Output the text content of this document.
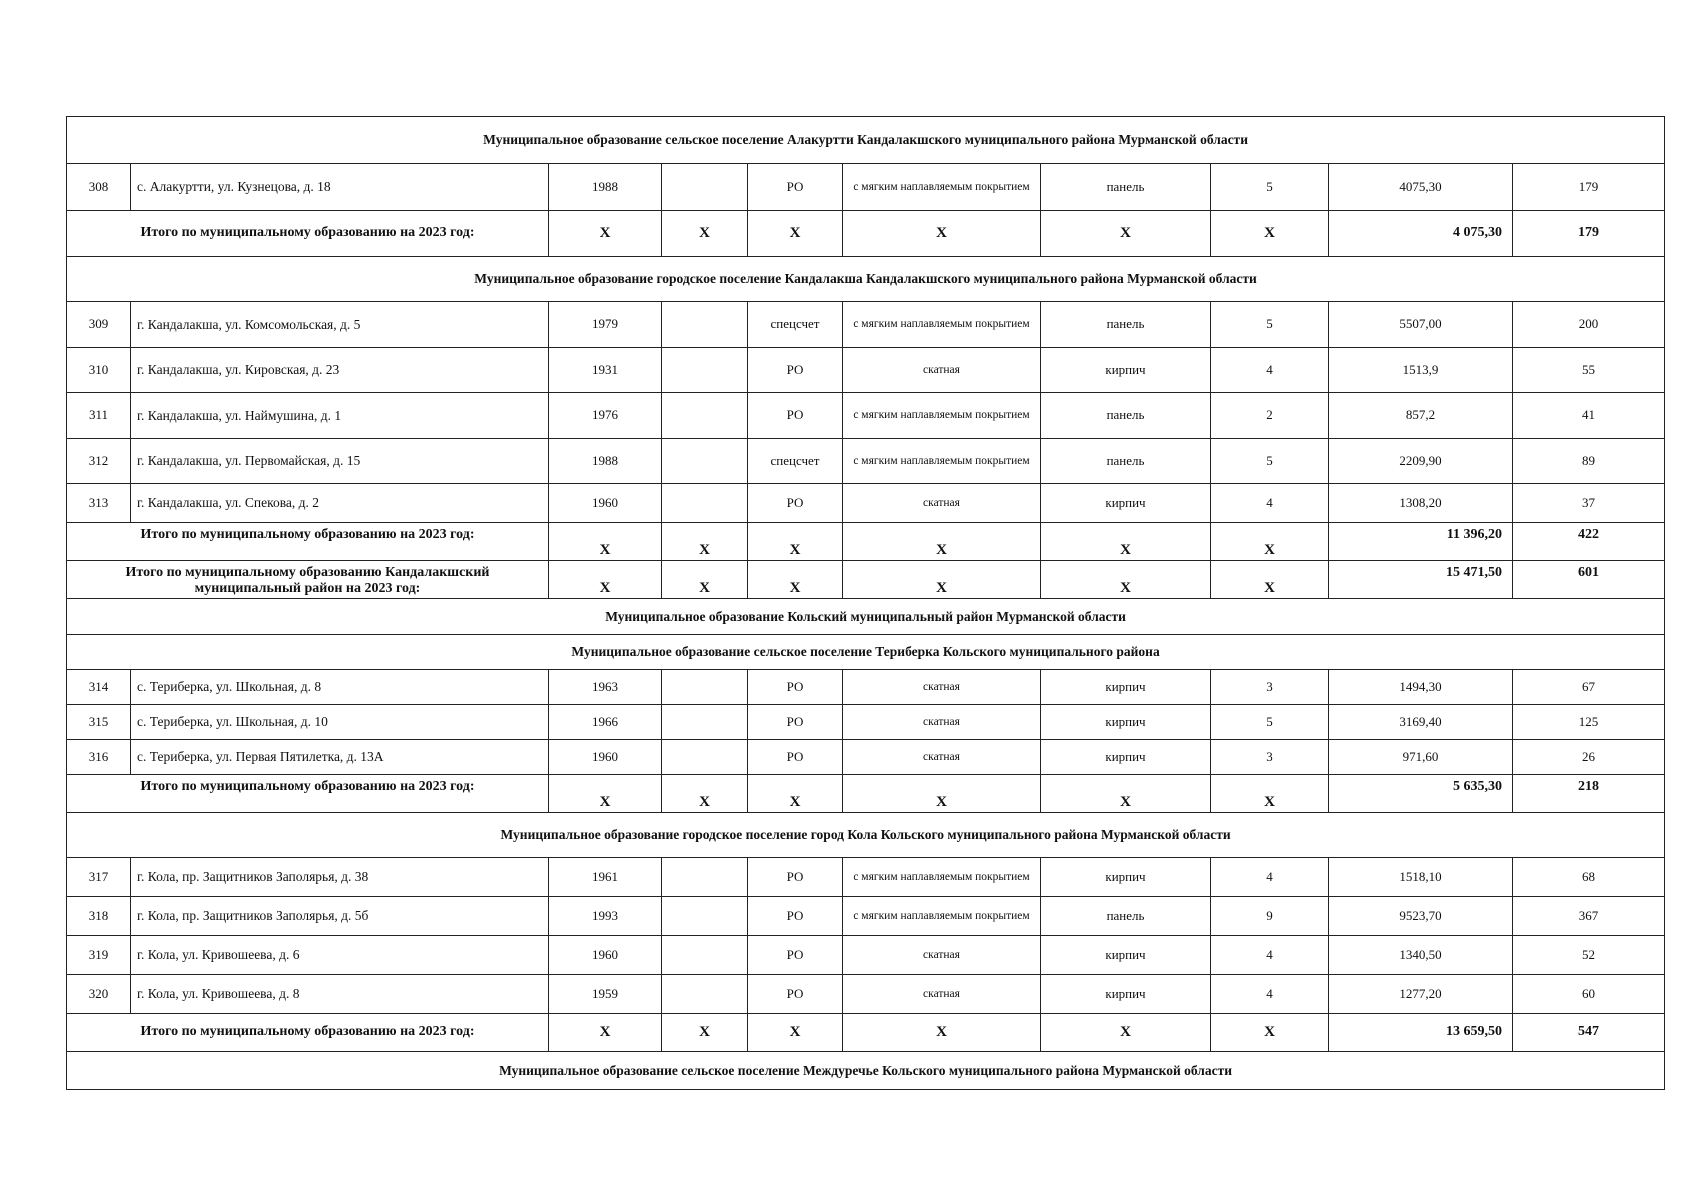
Муниципальное образование сельское поселение Алакуртти Кандалакшского муниципального района Мурманской области									
308	с. Алакуртти, ул. Кузнецова, д. 18	1988		РО	с мягким наплавляемым покрытием	панель	5	4075,30	179
Итого по муниципальному образованию на 2023 год:		X	X	X	X	X	X	4 075,30	179
Муниципальное образование городское поселение Кандалакша Кандалакшского муниципального района Мурманской области									
309	г. Кандалакша, ул. Комсомольская, д. 5	1979		спецсчет	с мягким наплавляемым покрытием	панель	5	5507,00	200
310	г. Кандалакша, ул. Кировская, д. 23	1931		РО	скатная	кирпич	4	1513,9	55
311	г. Кандалакша, ул. Наймушина, д. 1	1976		РО	с мягким наплавляемым покрытием	панель	2	857,2	41
312	г. Кандалакша, ул. Первомайская, д. 15	1988		спецсчет	с мягким наплавляемым покрытием	панель	5	2209,90	89
313	г. Кандалакша, ул. Спекова, д. 2	1960		РО	скатная	кирпич	4	1308,20	37
Итого по муниципальному образованию на 2023 год:		X	X	X	X	X	X	11 396,20	422
Итого по муниципальному образованию Кандалакшский муниципальный район на 2023 год:		X	X	X	X	X	X	15 471,50	601
Муниципальное образование Кольский муниципальный район Мурманской области									
Муниципальное образование сельское поселение Териберка Кольского муниципального района									
314	с. Териберка, ул. Школьная, д. 8	1963		РО	скатная	кирпич	3	1494,30	67
315	с. Териберка, ул. Школьная, д. 10	1966		РО	скатная	кирпич	5	3169,40	125
316	с. Териберка, ул. Первая Пятилетка, д. 13А	1960		РО	скатная	кирпич	3	971,60	26
Итого по муниципальному образованию на 2023 год:		X	X	X	X	X	X	5 635,30	218
Муниципальное образование городское поселение город Кола Кольского муниципального района Мурманской области									
317	г. Кола, пр. Защитников Заполярья, д. 38	1961		РО	с мягким наплавляемым покрытием	кирпич	4	1518,10	68
318	г. Кола, пр. Защитников Заполярья, д. 5б	1993		РО	с мягким наплавляемым покрытием	панель	9	9523,70	367
319	г. Кола, ул. Кривошеева, д. 6	1960		РО	скатная	кирпич	4	1340,50	52
320	г. Кола, ул. Кривошеева, д. 8	1959		РО	скатная	кирпич	4	1277,20	60
Итого по муниципальному образованию на 2023 год:		X	X	X	X	X	X	13 659,50	547
Муниципальное образование сельское поселение Междуречье Кольского муниципального района Мурманской области									
